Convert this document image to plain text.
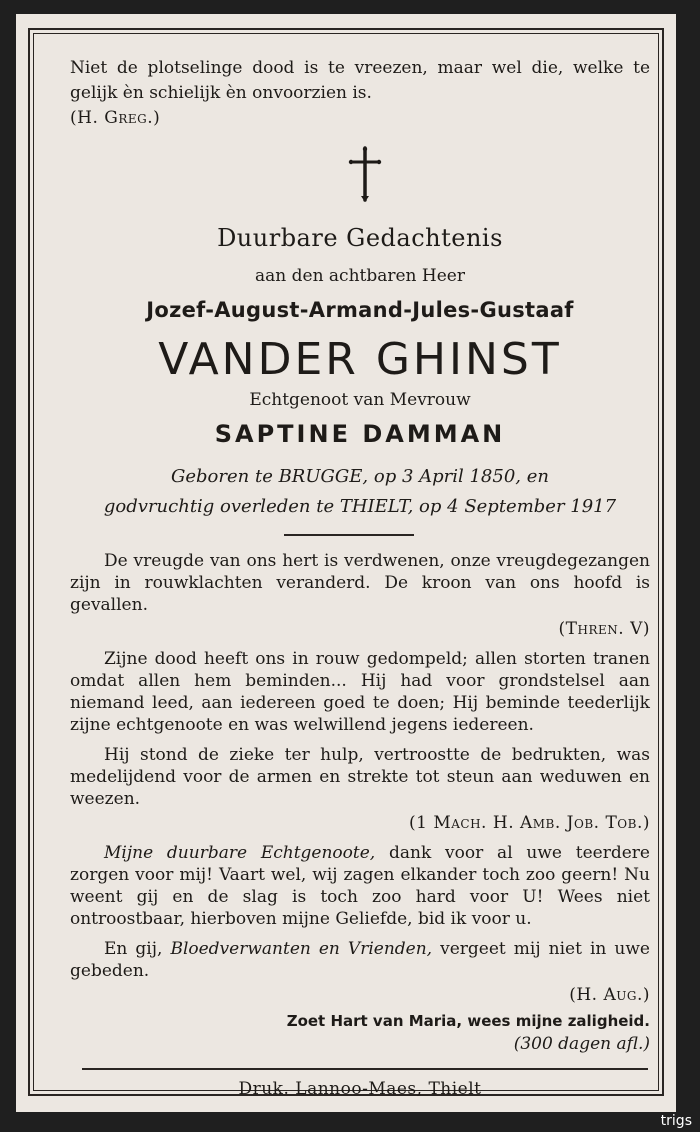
Niet de plotselinge dood is te vreezen, maar wel die, welke te gelijk èn schielijk èn onvoorzien is.
(H. Greg.)
Duurbare Gedachtenis
aan den achtbaren Heer
Jozef-August-Armand-Jules-Gustaaf
VANDER GHINST
Echtgenoot van Mevrouw
SAPTINE DAMMAN
Geboren te BRUGGE, op 3 April 1850, en
godvruchtig overleden te THIELT, op 4 September 1917

De vreugde van ons hert is verdwenen, onze vreugdegezangen zijn in rouwklachten veranderd. De kroon van ons hoofd is gevallen.

(Thren. V)

Zijne dood heeft ons in rouw gedompeld; allen storten tranen omdat allen hem beminden... Hij had voor grondstelsel aan niemand leed, aan iedereen goed te doen; Hij beminde teederlijk zijne echtgenoote en was welwillend jegens iedereen.

Hij stond de zieke ter hulp, vertroostte de bedrukten, was medelijdend voor de armen en strekte tot steun aan weduwen en weezen.

(1 Mach. H. Amb. Job. Tob.)

Mijne duurbare Echtgenoote, dank voor al uwe teerdere zorgen voor mij! Vaart wel, wij zagen elkander toch zoo geern! Nu weent gij en de slag is toch zoo hard voor U! Wees niet ontroostbaar, hierboven mijne Geliefde, bid ik voor u.

En gij, Bloedverwanten en Vrienden, vergeet mij niet in uwe gebeden.

(H. Aug.)
Zoet Hart van Maria, wees mijne zaligheid.
(300 dagen afl.)
Druk. Lannoo-Maes, Thielt
trigs
